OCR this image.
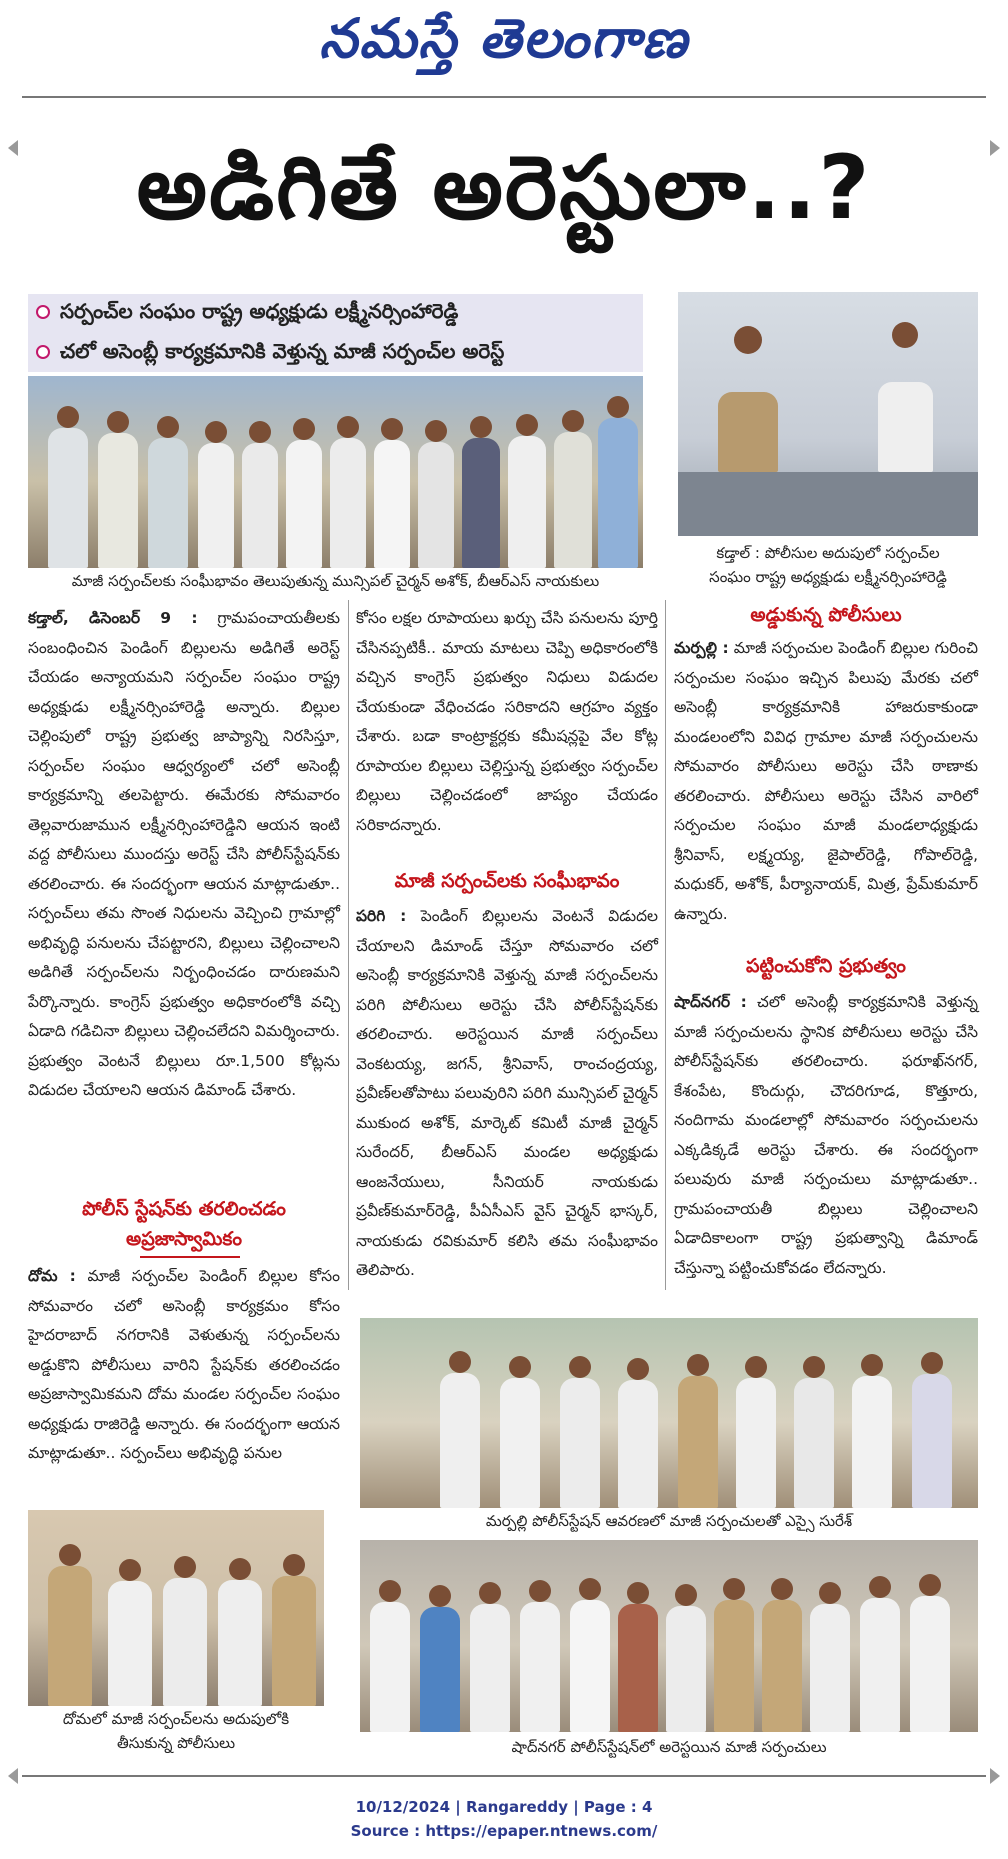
నమస్తే తెలంగాణ
అడిగితే అరెస్టులా..?
సర్పంచ్‌ల సంఘం రాష్ట్ర అధ్యక్షుడు లక్ష్మీనర్సింహారెడ్డి
చలో అసెంబ్లీ కార్యక్రమానికి వెళ్తున్న మాజీ సర్పంచ్‌ల అరెస్ట్
మాజీ సర్పంచ్‌లకు సంఘీభావం తెలుపుతున్న మున్సిపల్ చైర్మన్ అశోక్, బీఆర్‌ఎస్ నాయకులు
కడ్తాల్ : పోలీసుల అదుపులో సర్పంచ్‌ల
సంఘం రాష్ట్ర అధ్యక్షుడు లక్ష్మీనర్సింహారెడ్డి
కడ్తాల్, డిసెంబర్ 9 : గ్రామపంచాయతీలకు సంబంధించిన పెండింగ్ బిల్లులను అడిగితే అరెస్ట్ చేయడం అన్యాయమని సర్పంచ్‌ల సంఘం రాష్ట్ర అధ్యక్షుడు లక్ష్మీనర్సింహారెడ్డి అన్నారు. బిల్లుల చెల్లింపులో రాష్ట్ర ప్రభుత్వ జాప్యాన్ని నిరసిస్తూ, సర్పంచ్‌ల సంఘం ఆధ్వర్యంలో చలో అసెంబ్లీ కార్యక్రమాన్ని తలపెట్టారు. ఈమేరకు సోమవారం తెల్లవారుజామున లక్ష్మీనర్సింహారెడ్డిని ఆయన ఇంటి వద్ద పోలీసులు ముందస్తు అరెస్ట్ చేసి పోలీస్‌స్టేషన్‌కు తరలించారు. ఈ సందర్భంగా ఆయన మాట్లాడుతూ.. సర్పంచ్‌లు తమ సొంత నిధులను వెచ్చించి గ్రామాల్లో అభివృద్ధి పనులను చేపట్టారని, బిల్లులు చెల్లించాలని అడిగితే సర్పంచ్‌లను నిర్బంధించడం దారుణమని పేర్కొన్నారు. కాంగ్రెస్ ప్రభుత్వం అధికారంలోకి వచ్చి ఏడాది గడిచినా బిల్లులు చెల్లించలేదని విమర్శించారు. ప్రభుత్వం వెంటనే బిల్లులు రూ.1,500 కోట్లను విడుదల చేయాలని ఆయన డిమాండ్ చేశారు.
పోలీస్ స్టేషన్‌కు తరలించడం
అప్రజాస్వామికం
దోమ : మాజీ సర్పంచ్‌ల పెండింగ్ బిల్లుల కోసం సోమవారం చలో అసెంబ్లీ కార్యక్రమం కోసం హైదరాబాద్ నగరానికి వెళుతున్న సర్పంచ్‌లను అడ్డుకొని పోలీసులు వారిని స్టేషన్‌కు తరలించడం అప్రజాస్వామికమని దోమ మండల సర్పంచ్‌ల సంఘం అధ్యక్షుడు రాజిరెడ్డి అన్నారు. ఈ సందర్భంగా ఆయన మాట్లాడుతూ.. సర్పంచ్‌లు అభివృద్ధి పనుల
కోసం లక్షల రూపాయలు ఖర్చు చేసి పనులను పూర్తి చేసినప్పటికీ.. మాయ మాటలు చెప్పి అధికారంలోకి వచ్చిన కాంగ్రెస్ ప్రభుత్వం నిధులు విడుదల చేయకుండా వేధించడం సరికాదని ఆగ్రహం వ్యక్తం చేశారు. బడా కాంట్రాక్టర్లకు కమీషన్లపై వేల కోట్ల రూపాయల బిల్లులు చెల్లిస్తున్న ప్రభుత్వం సర్పంచ్‌ల బిల్లులు చెల్లించడంలో జాప్యం చేయడం సరికాదన్నారు.
మాజీ సర్పంచ్‌లకు సంఘీభావం
పరిగి : పెండింగ్ బిల్లులను వెంటనే విడుదల చేయాలని డిమాండ్ చేస్తూ సోమవారం చలో అసెంబ్లీ కార్యక్రమానికి వెళ్తున్న మాజీ సర్పంచ్‌లను పరిగి పోలీసులు అరెస్టు చేసి పోలీస్‌స్టేషన్‌కు తరలించారు. అరెస్టయిన మాజీ సర్పంచ్‌లు వెంకటయ్య, జగన్, శ్రీనివాస్, రాంచంద్రయ్య, ప్రవీణ్‌లతోపాటు పలువురిని పరిగి మున్సిపల్ చైర్మన్ ముకుంద అశోక్, మార్కెట్ కమిటీ మాజీ చైర్మన్ సురేందర్, బీఆర్‌ఎస్ మండల అధ్యక్షుడు ఆంజనేయులు, సీనియర్ నాయకుడు ప్రవీణ్‌కుమార్‌రెడ్డి, పీఏసీఎస్ వైస్ చైర్మన్ భాస్కర్, నాయకుడు రవికుమార్ కలిసి తమ సంఘీభావం తెలిపారు.
అడ్డుకున్న పోలీసులు
మర్పల్లి : మాజీ సర్పంచుల పెండింగ్ బిల్లుల గురించి సర్పంచుల సంఘం ఇచ్చిన పిలుపు మేరకు చలో అసెంబ్లీ కార్యక్రమానికి హాజరుకాకుండా మండలంలోని వివిధ గ్రామాల మాజీ సర్పంచులను సోమవారం పోలీసులు అరెస్టు చేసి ఠాణాకు తరలించారు. పోలీసులు అరెస్టు చేసిన వారిలో సర్పంచుల సంఘం మాజీ మండలాధ్యక్షుడు శ్రీనివాస్, లక్ష్మయ్య, జైపాల్‌రెడ్డి, గోపాల్‌రెడ్డి, మధుకర్, అశోక్, పీర్యానాయక్, మిత్ర, ప్రేమ్‌కుమార్ ఉన్నారు.
పట్టించుకోని ప్రభుత్వం
షాద్‌నగర్ : చలో అసెంబ్లీ కార్యక్రమానికి వెళ్తున్న మాజీ సర్పంచులను స్థానిక పోలీసులు అరెస్టు చేసి పోలీస్‌స్టేషన్‌కు తరలించారు. ఫరూఖ్‌నగర్, కేశంపేట, కొందుర్గు, చౌదరిగూడ, కొత్తూరు, నందిగామ మండలాల్లో సోమవారం సర్పంచులను ఎక్కడిక్కడే అరెస్టు చేశారు. ఈ సందర్భంగా పలువురు మాజీ సర్పంచులు మాట్లాడుతూ.. గ్రామపంచాయతీ బిల్లులు చెల్లించాలని ఏడాదికాలంగా రాష్ట్ర ప్రభుత్వాన్ని డిమాండ్ చేస్తున్నా పట్టించుకోవడం లేదన్నారు.
మర్పల్లి పోలీస్‌స్టేషన్ ఆవరణలో మాజీ సర్పంచులతో ఎస్సై సురేశ్
దోమలో మాజీ సర్పంచ్‌లను అదుపులోకి
తీసుకున్న పోలీసులు	షాద్‌నగర్ పోలీస్‌స్టేషన్‌లో అరెస్టయిన మాజీ సర్పంచులు
10/12/2024 | Rangareddy | Page : 4
Source : https://epaper.ntnews.com/
